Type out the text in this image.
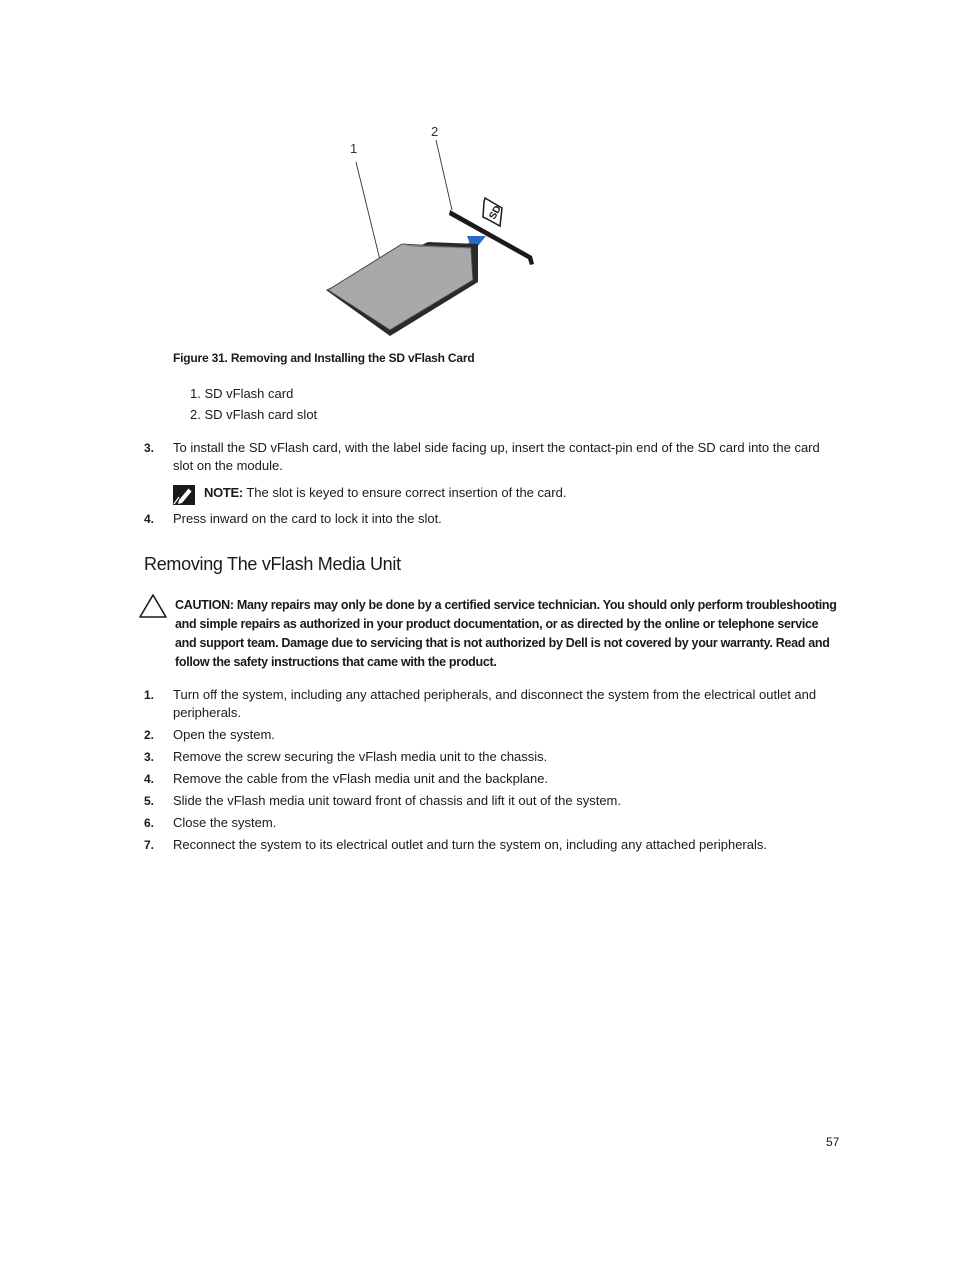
1
2
SD
Figure 31. Removing and Installing the SD vFlash Card
1. SD vFlash card
2. SD vFlash card slot
3. To install the SD vFlash card, with the label side facing up, insert the contact-pin end of the SD card into the card slot on the module.
NOTE: The slot is keyed to ensure correct insertion of the card.
4. Press inward on the card to lock it into the slot.
Removing The vFlash Media Unit
CAUTION: Many repairs may only be done by a certified service technician. You should only perform troubleshooting and simple repairs as authorized in your product documentation, or as directed by the online or telephone service and support team. Damage due to servicing that is not authorized by Dell is not covered by your warranty. Read and follow the safety instructions that came with the product.
1. Turn off the system, including any attached peripherals, and disconnect the system from the electrical outlet and peripherals.
2. Open the system.
3. Remove the screw securing the vFlash media unit to the chassis.
4. Remove the cable from the vFlash media unit and the backplane.
5. Slide the vFlash media unit toward front of chassis and lift it out of the system.
6. Close the system.
7. Reconnect the system to its electrical outlet and turn the system on, including any attached peripherals.
57
